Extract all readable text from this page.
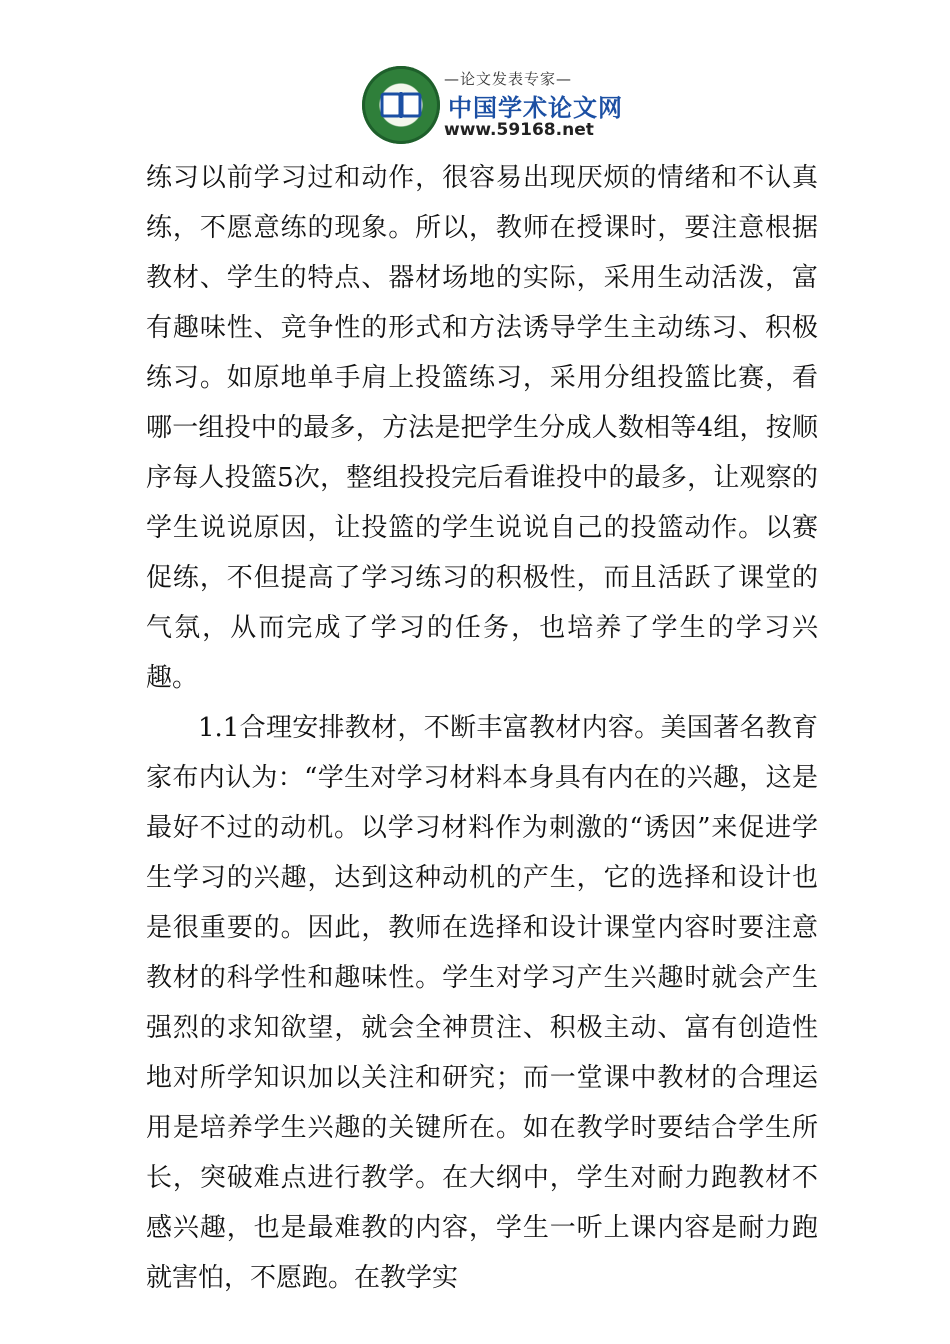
—论文发表专家—
中国学术论文网
www.59168.net

练习以前学习过和动作，很容易出现厌烦的情绪和不认真练，不愿意练的现象。所以，教师在授课时，要注意根据教材、学生的特点、器材场地的实际，采用生动活泼，富有趣味性、竞争性的形式和方法诱导学生主动练习、积极练习。如原地单手肩上投篮练习，采用分组投篮比赛，看哪一组投中的最多，方法是把学生分成人数相等4组，按顺序每人投篮5次，整组投投完后看谁投中的最多，让观察的学生说说原因，让投篮的学生说说自己的投篮动作。以赛促练，不但提高了学习练习的积极性，而且活跃了课堂的气氛，从而完成了学习的任务，也培养了学生的学习兴趣。

1.1合理安排教材，不断丰富教材内容。美国著名教育家布内认为：“学生对学习材料本身具有内在的兴趣，这是最好不过的动机。以学习材料作为刺激的“诱因”来促进学生学习的兴趣，达到这种动机的产生，它的选择和设计也是很重要的。因此，教师在选择和设计课堂内容时要注意教材的科学性和趣味性。学生对学习产生兴趣时就会产生强烈的求知欲望，就会全神贯注、积极主动、富有创造性地对所学知识加以关注和研究；而一堂课中教材的合理运用是培养学生兴趣的关键所在。如在教学时要结合学生所长，突破难点进行教学。在大纲中，学生对耐力跑教材不感兴趣，也是最难教的内容，学生一听上课内容是耐力跑就害怕，不愿跑。在教学实
